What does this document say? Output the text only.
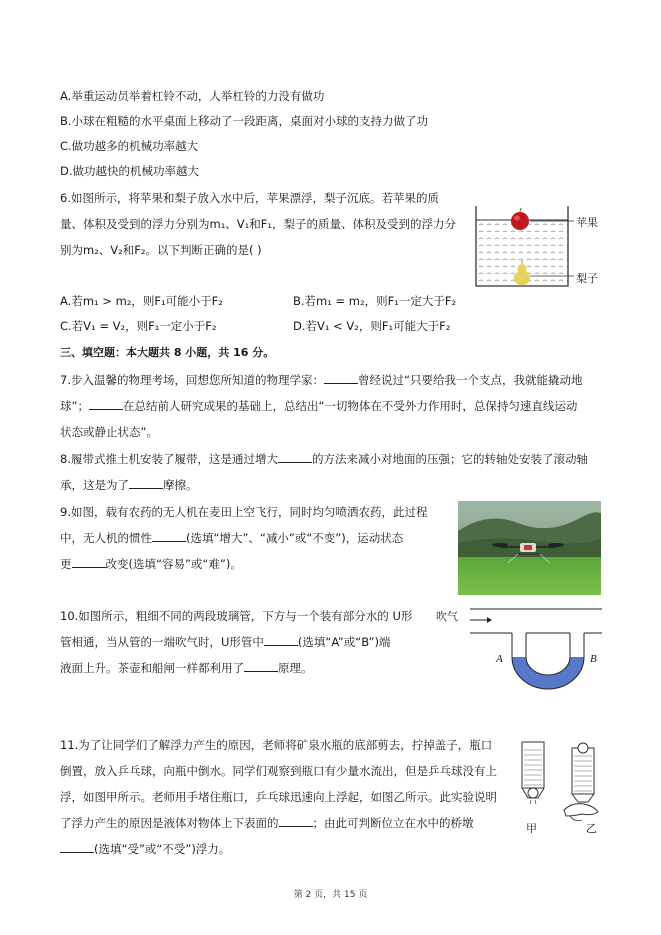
A.举重运动员举着杠铃不动，人举杠铃的力没有做功
B.小球在粗糙的水平桌面上移动了一段距离，桌面对小球的支持力做了功
C.做功越多的机械功率越大
D.做功越快的机械功率越大
6.如图所示，将苹果和梨子放入水中后，苹果漂浮，梨子沉底。若苹果的质
量、体积及受到的浮力分别为m₁、V₁和F₁，梨子的质量、体积及受到的浮力分
别为m₂、V₂和F₂。以下判断正确的是( )
苹果
梨子
A.若m₁ > m₂，则F₁可能小于F₂	B.若m₁ = m₂，则F₁一定大于F₂
C.若V₁ = V₂，则F₁一定小于F₂	D.若V₁ < V₂，则F₁可能大于F₂
三、填空题：本大题共 8 小题，共 16 分。
7.步入温馨的物理考场，回想您所知道的物理学家：	曾经说过“只要给我一个支点，我就能撬动地
球”；	在总结前人研究成果的基础上，总结出“一切物体在不受外力作用时，总保持匀速直线运动
状态或静止状态”。
8.履带式推土机安装了履带，这是通过增大	的方法来减小对地面的压强；它的转轴处安装了滚动轴
承，这是为了	摩擦。
9.如图，载有农药的无人机在麦田上空飞行，同时均匀喷洒农药，此过程
中，无人机的惯性	(选填“增大”、“减小”或“不变”)，运动状态
更	改变(选填“容易”或“难”)。
10.如图所示，粗细不同的两段玻璃管，下方与一个装有部分水的 U形
管相通，当从管的一端吹气时，U形管中	(选填“A”或“B”)端
液面上升。茶壶和船闸一样都利用了	原理。
吹气
A	B
11.为了让同学们了解浮力产生的原因，老师将矿泉水瓶的底部剪去，拧掉盖子，瓶口
倒置，放入乒乓球，向瓶中倒水。同学们观察到瓶口有少量水流出，但是乒乓球没有上
浮，如图甲所示。老师用手堵住瓶口，乒乓球迅速向上浮起，如图乙所示。此实验说明
了浮力产生的原因是液体对物体上下表面的	；由此可判断位立在水中的桥墩
(选填“受”或“不受”)浮力。
甲	乙
第 2 页，共 15 页
